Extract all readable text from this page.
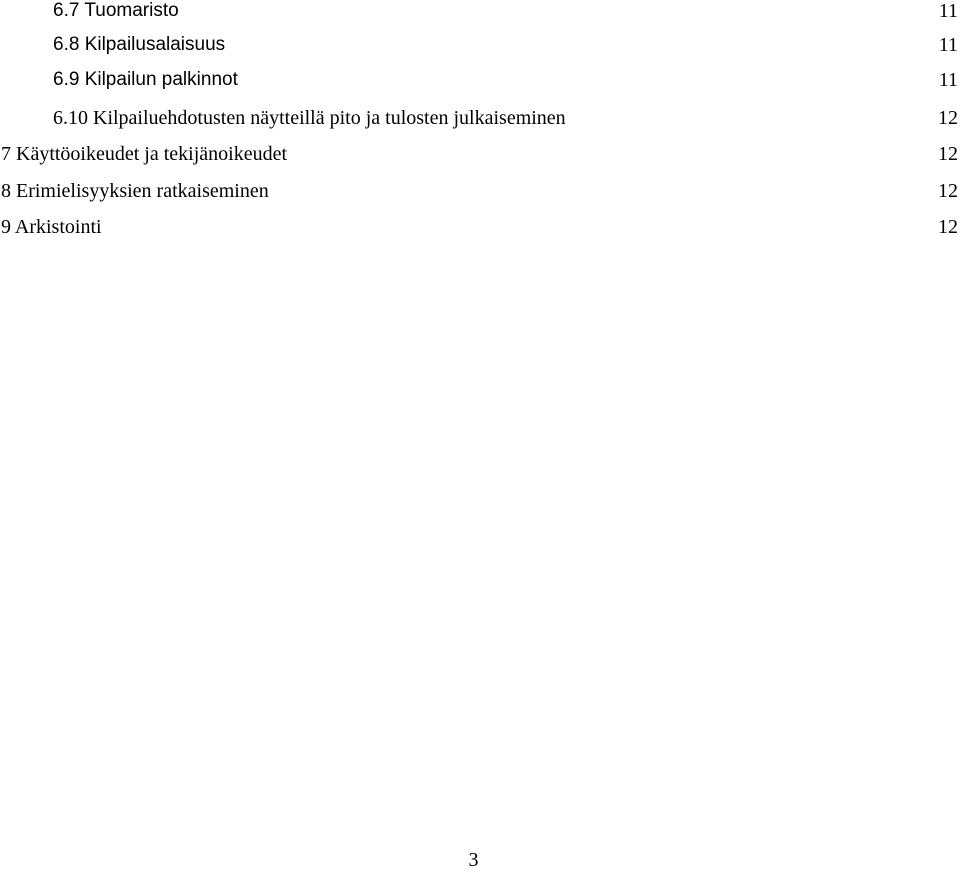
6.7 Tuomaristo	11
6.8 Kilpailusalaisuus	11
6.9 Kilpailun palkinnot	11
6.10 Kilpailuehdotusten näytteillä pito ja tulosten julkaiseminen	12
7 Käyttöoikeudet ja tekijänoikeudet	12
8 Erimielisyyksien ratkaiseminen	12
9 Arkistointi	12
3
